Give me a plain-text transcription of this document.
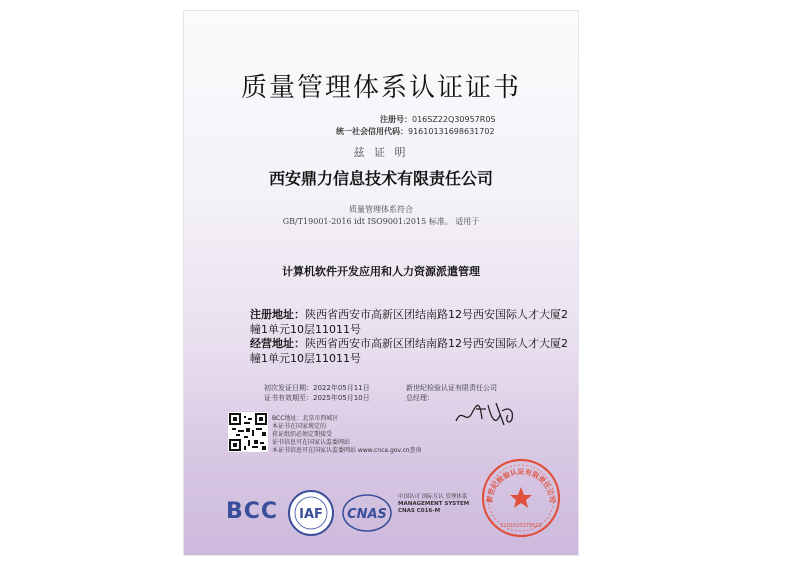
质量管理体系认证证书
注册号：016SZ22Q30957R0S
统一社会信用代码：91610131698631702
兹 证 明
西安鼎力信息技术有限责任公司
质量管理体系符合
GB/T19001-2016 idt ISO9001:2015 标准。 适用于
计算机软件开发应用和人力资源派遣管理
注册地址：陕西省西安市高新区团结南路12号西安国际人才大厦2幢1单元10层11011号
经营地址：陕西省西安市高新区团结南路12号西安国际人才大厦2幢1单元10层11011号
初次发证日期：2022年05月11日
证书有效期至：2025年05月10日
新世纪检验认证有限责任公司
总经理：
BCC地址：北京市西城区
本证书在国家规定的
获证组织必须定期接受
证书信息可在国家认监委网站
本证书信息可在国家认监委网站 www.cnca.gov.cn查询
新世纪检验认证有限责任公司
1101020379523
BCC IAF CNAS
中国认可 国际互认 管理体系
MANAGEMENT SYSTEM
CNAS C016-M
